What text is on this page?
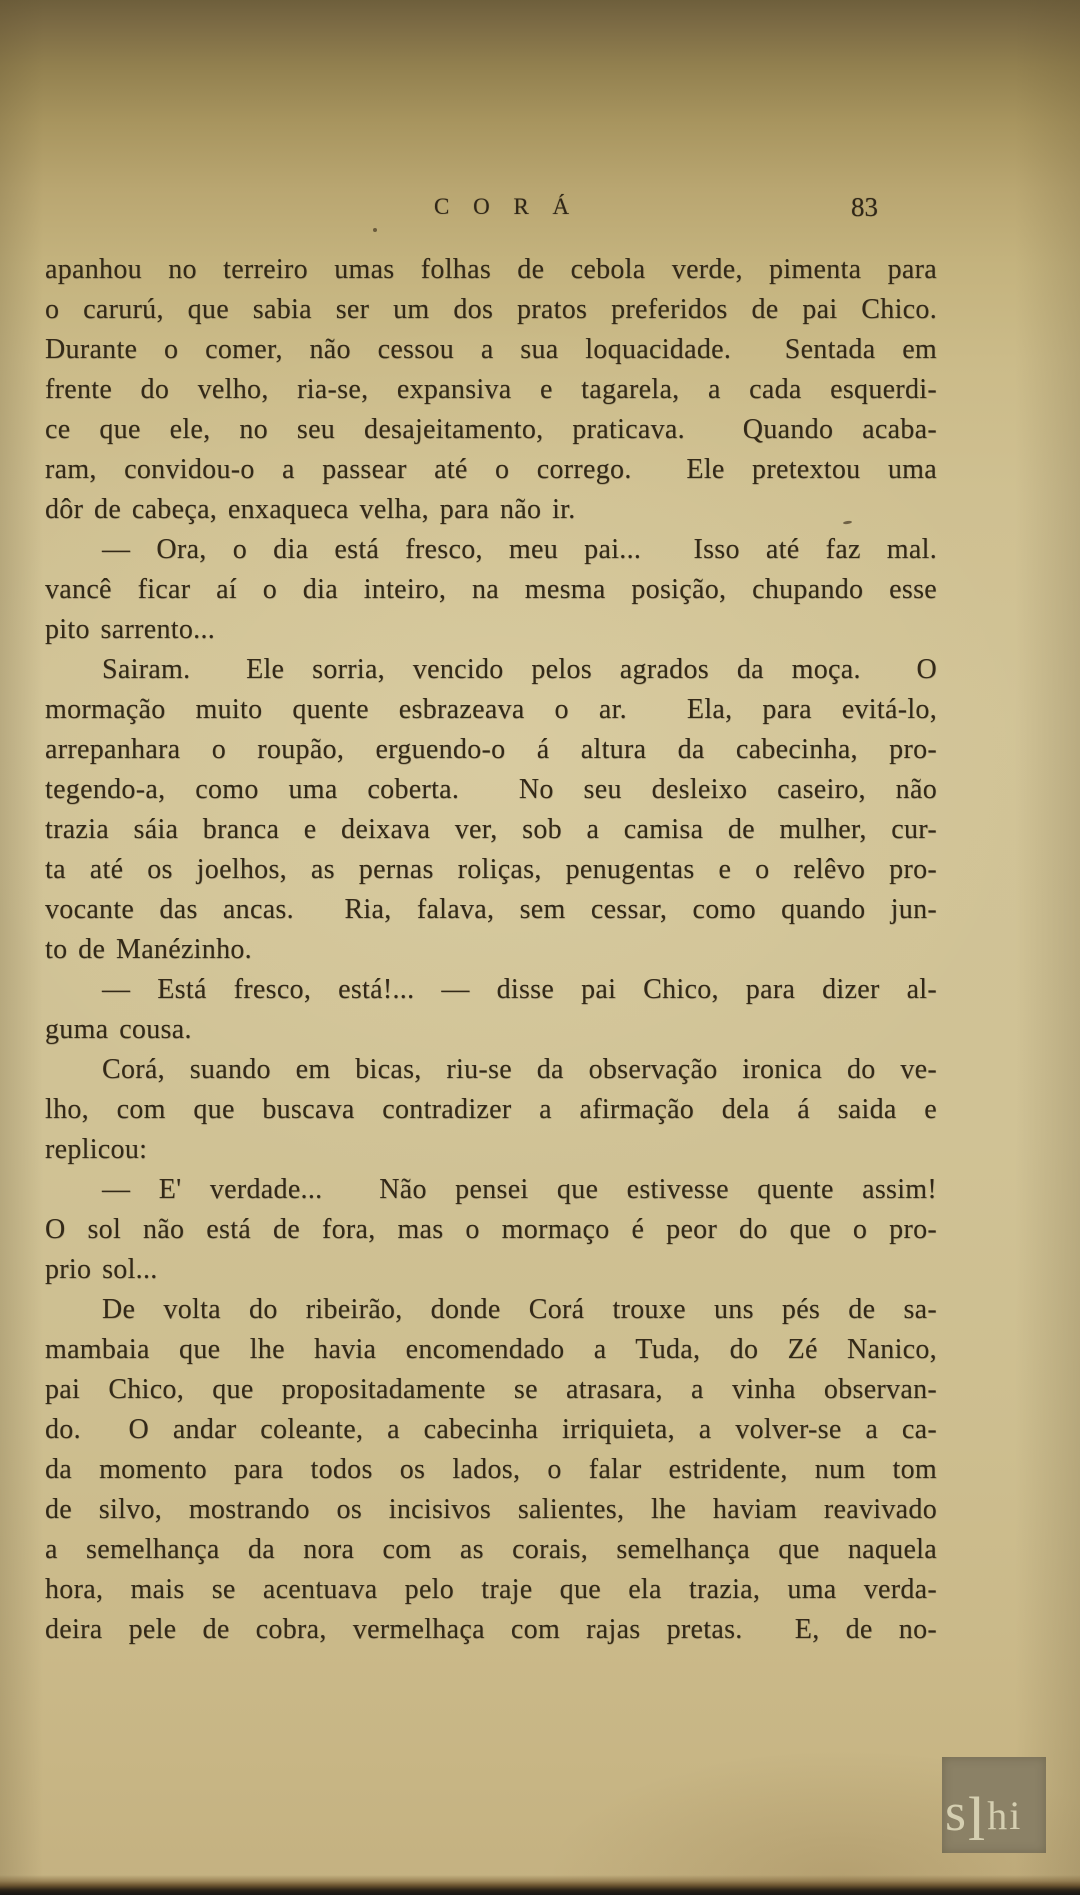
C O R Á	83
apanhou no terreiro umas folhas de cebola verde, pimenta para
o carurú, que sabia ser um dos pratos preferidos de pai Chico.
Durante o comer, não cessou a sua loquacidade.  Sentada em
frente do velho, ria-se, expansiva e tagarela, a cada esquerdi-
ce que ele, no seu desajeitamento, praticava.  Quando acaba-
ram, convidou-o a passear até o corrego.  Ele pretextou uma
dôr de cabeça, enxaqueca velha, para não ir.
— Ora, o dia está fresco, meu pai...  Isso até faz mal.
vancê ficar aí o dia inteiro, na mesma posição, chupando esse
pito sarrento...
Sairam.  Ele sorria, vencido pelos agrados da moça.  O
mormação muito quente esbrazeava o ar.  Ela, para evitá-lo,
arrepanhara o roupão, erguendo-o á altura da cabecinha, pro-
tegendo-a, como uma coberta.  No seu desleixo caseiro, não
trazia sáia branca e deixava ver, sob a camisa de mulher, cur-
ta até os joelhos, as pernas roliças, penugentas e o relêvo pro-
vocante das ancas.  Ria, falava, sem cessar, como quando jun-
to de Manézinho.
— Está fresco, está!... — disse pai Chico, para dizer al-
guma cousa.
Corá, suando em bicas, riu-se da observação ironica do ve-
lho, com que buscava contradizer a afirmação dela á saida e
replicou:
— E' verdade...  Não pensei que estivesse quente assim!
O sol não está de fora, mas o mormaço é peor do que o pro-
prio sol...
De volta do ribeirão, donde Corá trouxe uns pés de sa-
mambaia que lhe havia encomendado a Tuda, do Zé Nanico,
pai Chico, que propositadamente se atrasara, a vinha observan-
do.  O andar coleante, a cabecinha irriquieta, a volver-se a ca-
da momento para todos os lados, o falar estridente, num tom
de silvo, mostrando os incisivos salientes, lhe haviam reavivado
a semelhança da nora com as corais, semelhança que naquela
hora, mais se acentuava pelo traje que ela trazia, uma verda-
deira pele de cobra, vermelhaça com rajas pretas.  E, de no-
slhi
